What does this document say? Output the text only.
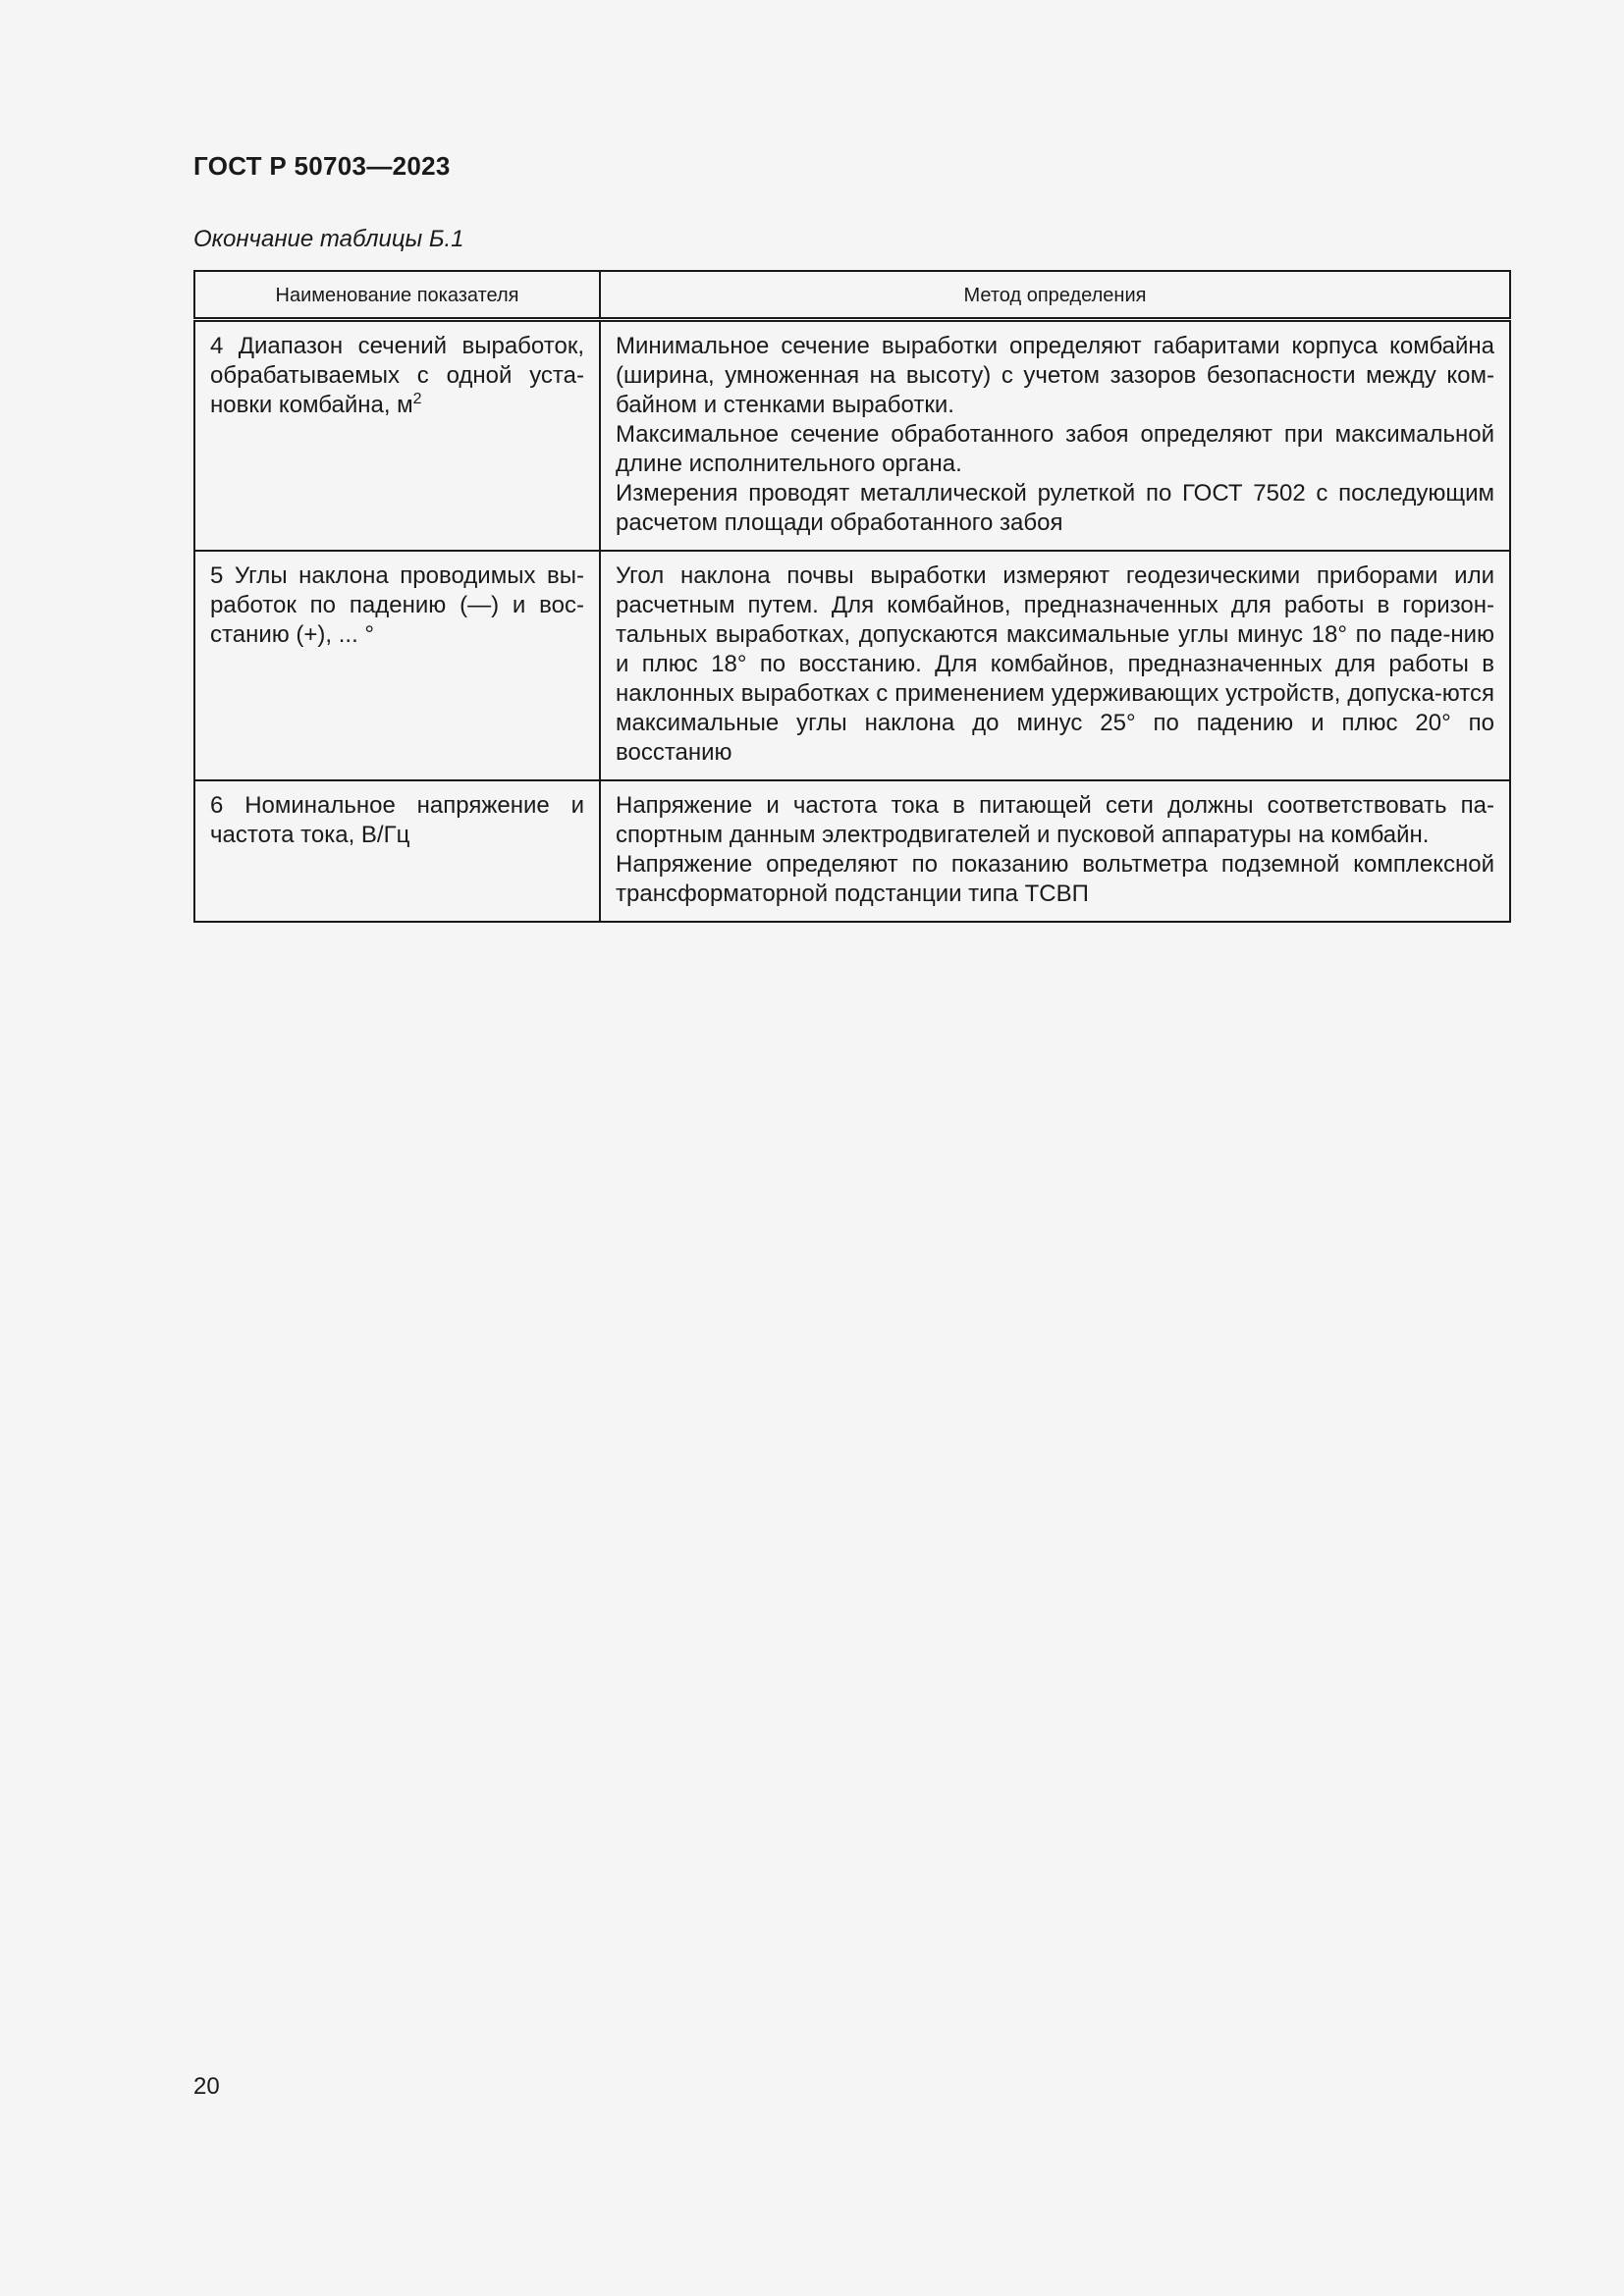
ГОСТ Р 50703—2023

Окончание таблицы Б.1

Наименование показателя	Метод определения
4 Диапазон сечений выработок, обрабатываемых с одной уста-новки комбайна, $м^2$	Минимальное сечение выработки определяют габаритами корпуса комбайна (ширина, умноженная на высоту) с учетом зазоров безопасности между ком-байном и стенками выработки.

Максимальное сечение обработанного забоя определяют при максимальной длине исполнительного органа.

Измерения проводят металлической рулеткой по ГОСТ 7502 с последующим расчетом площади обработанного забоя

5 Углы наклона проводимых вы-работок по падению (—) и вос-станию (+), ... °	Угол наклона почвы выработки измеряют геодезическими приборами или расчетным путем. Для комбайнов, предназначенных для работы в горизон-тальных выработках, допускаются максимальные углы минус 18° по паде-нию и плюс 18° по восстанию. Для комбайнов, предназначенных для работы в наклонных выработках с применением удерживающих устройств, допуска-ются максимальные углы наклона до минус 25° по падению и плюс 20° по восстанию

6 Номинальное напряжение и частота тока, В/Гц	Напряжение и частота тока в питающей сети должны соответствовать па-спортным данным электродвигателей и пусковой аппаратуры на комбайн.

Напряжение определяют по показанию вольтметра подземной комплексной трансформаторной подстанции типа ТСВП

20
